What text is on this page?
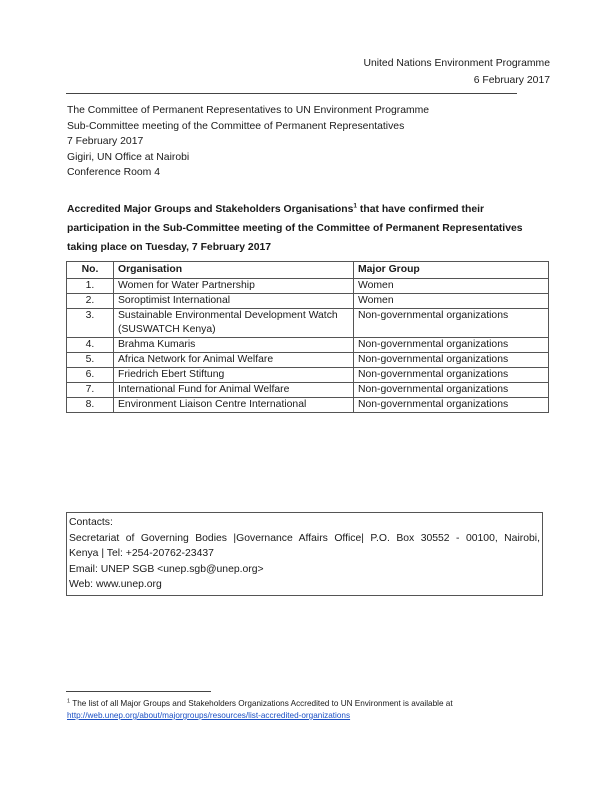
United Nations Environment Programme
6 February 2017
The Committee of Permanent Representatives to UN Environment Programme
Sub-Committee meeting of the Committee of Permanent Representatives
7 February 2017
Gigiri, UN Office at Nairobi
Conference Room 4
Accredited Major Groups and Stakeholders Organisations$^1$ that have confirmed their participation in the Sub-Committee meeting of the Committee of Permanent Representatives taking place on Tuesday, 7 February 2017
No.	Organisation	Major Group
1.	Women for Water Partnership	Women
2.	Soroptimist International	Women
3.	Sustainable Environmental Development Watch (SUSWATCH Kenya)	Non-governmental organizations
4.	Brahma Kumaris	Non-governmental organizations
5.	Africa Network for Animal Welfare	Non-governmental organizations
6.	Friedrich Ebert Stiftung	Non-governmental organizations
7.	International Fund for Animal Welfare	Non-governmental organizations
8.	Environment Liaison Centre International	Non-governmental organizations
Contacts:
Secretariat of Governing Bodies |Governance Affairs Office| P.O. Box 30552 - 00100, Nairobi,
Kenya | Tel: +254-20762-23437
Email: UNEP SGB <unep.sgb@unep.org>
Web: www.unep.org
$^1$ The list of all Major Groups and Stakeholders Organizations Accredited to UN Environment is available at
http://web.unep.org/about/majorgroups/resources/list-accredited-organizations
